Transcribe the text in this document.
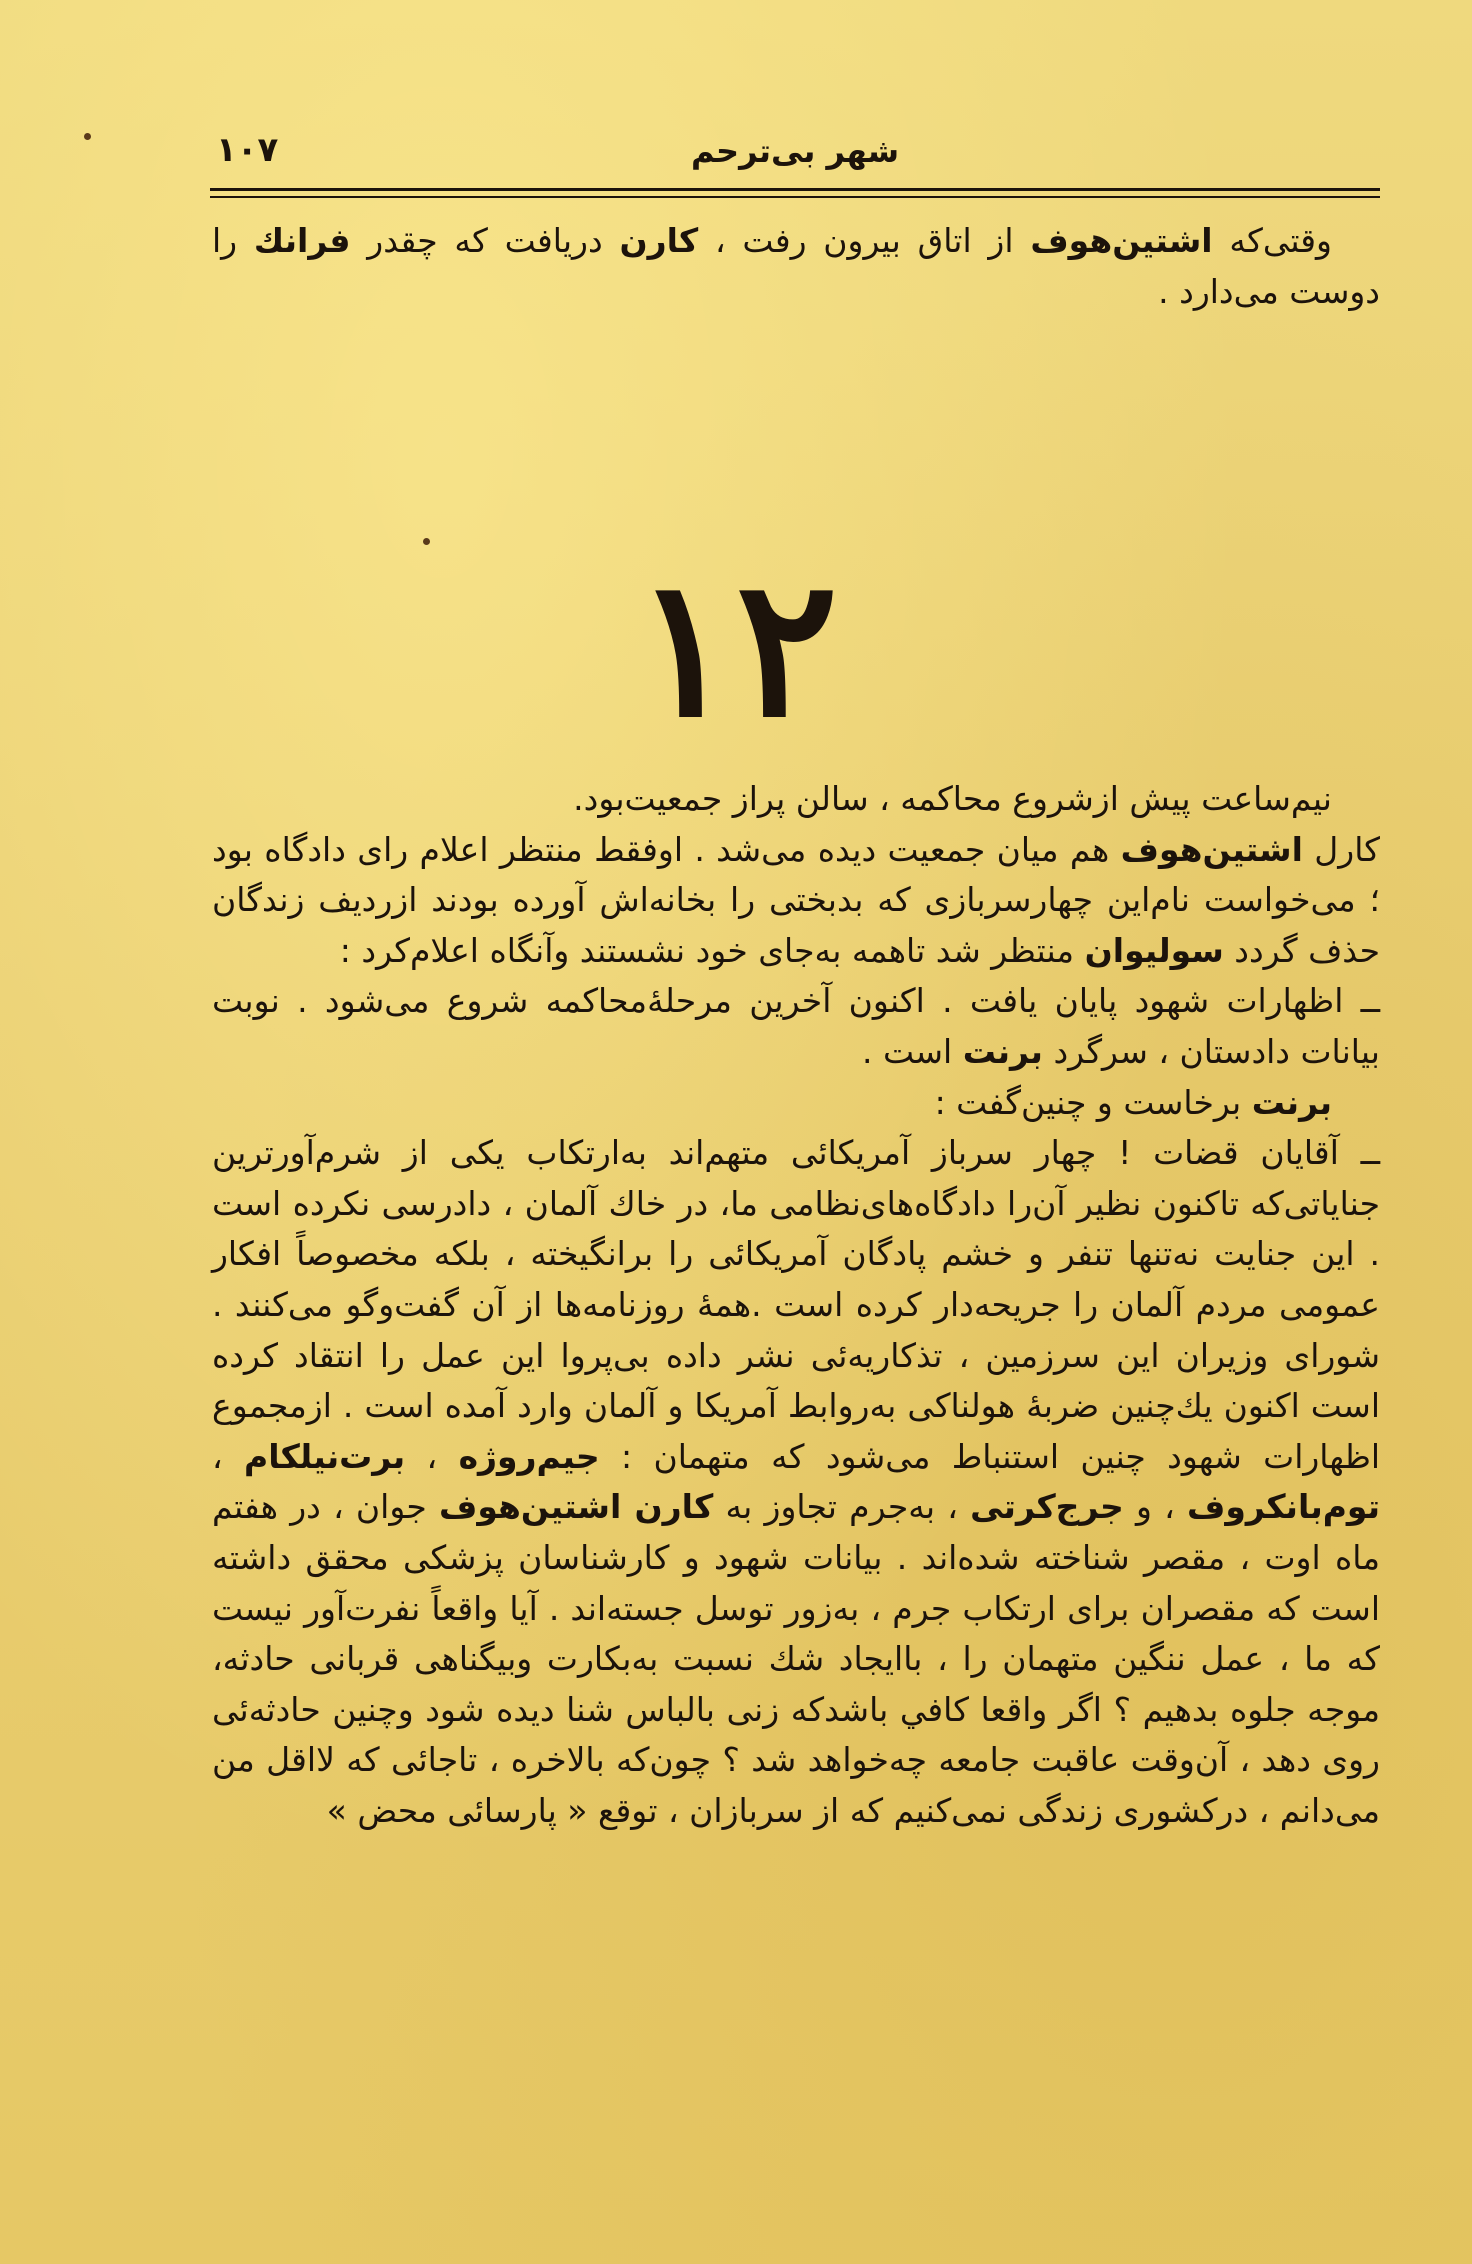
شهر بی‌ترحم
۱۰۷

وقتی‌که اشتین‌هوف از اتاق بیرون رفت ، کارن دریافت که چقدر فرانك را دوست می‌دارد .

۱۲

نیم‌ساعت پیش ازشروع محاکمه ، سالن پراز جمعیت‌بود.

کارل اشتین‌هوف هم میان جمعیت دیده می‌شد . اوفقط منتظر اعلام رای دادگاه بود ؛ می‌خواست نام‌این چهارسربازی که بدبختی را بخانه‌اش آورده بودند ازردیف زندگان حذف گردد سولیوان منتظر شد تاهمه به‌جای خود نشستند وآنگاه اعلام‌کرد :

ــ اظهارات شهود پایان یافت . اکنون آخرین مرحلهٔ‌محاکمه شروع می‌شود . نوبت بیانات دادستان ، سرگرد برنت است .

برنت برخاست و چنین‌گفت :

ــ آقایان قضات ! چهار سرباز آمریکائی متهم‌اند به‌ارتکاب یکی از شرم‌آورترین جنایاتی‌که تاکنون نظیر آن‌را دادگاه‌های‌نظامی ما، در خاك آلمان ، دادرسی نکرده است . این جنایت نه‌تنها تنفر و خشم پادگان آمریکائی را برانگیخته ، بلکه مخصوصاً افکار عمومی مردم آلمان را جریحه‌دار کرده است .همهٔ روزنامه‌ها از آن گفت‌وگو می‌کنند . شورای وزیران این سرزمین ، تذکاریه‌ئی نشر داده بی‌پروا این عمل را انتقاد کرده است اکنون یك‌چنین ضربهٔ هولناکی به‌روابط آمریکا و آلمان وارد آمده است . ازمجموع اظهارات شهود چنین استنباط می‌شود که متهمان : جیم‌روژه ، برت‌نیلکام ، توم‌بانکروف ، و جرج‌کرتی ، به‌جرم تجاوز به کارن اشتین‌هوف جوان ، در هفتم ماه اوت ، مقصر شناخته شده‌اند . بیانات شهود و کارشناسان پزشکی محقق داشته است که مقصران برای ارتکاب جرم ، به‌زور توسل جسته‌اند . آیا واقعاً نفرت‌آور نیست که ما ، عمل ننگین متهمان را ، باایجاد شك نسبت به‌بکارت وبیگناهی قربانی حادثه، موجه جلوه بدهیم ؟ اگر واقعا کافي باشدکه زنی بالباس شنا دیده شود وچنین حادثه‌ئی روی دهد ، آن‌وقت عاقبت جامعه چه‌خواهد شد ؟ چون‌که بالاخره ، تاجائی که لااقل من می‌دانم ، درکشوری زندگی نمی‌کنیم که از سربازان ، توقع « پارسائی محض »
